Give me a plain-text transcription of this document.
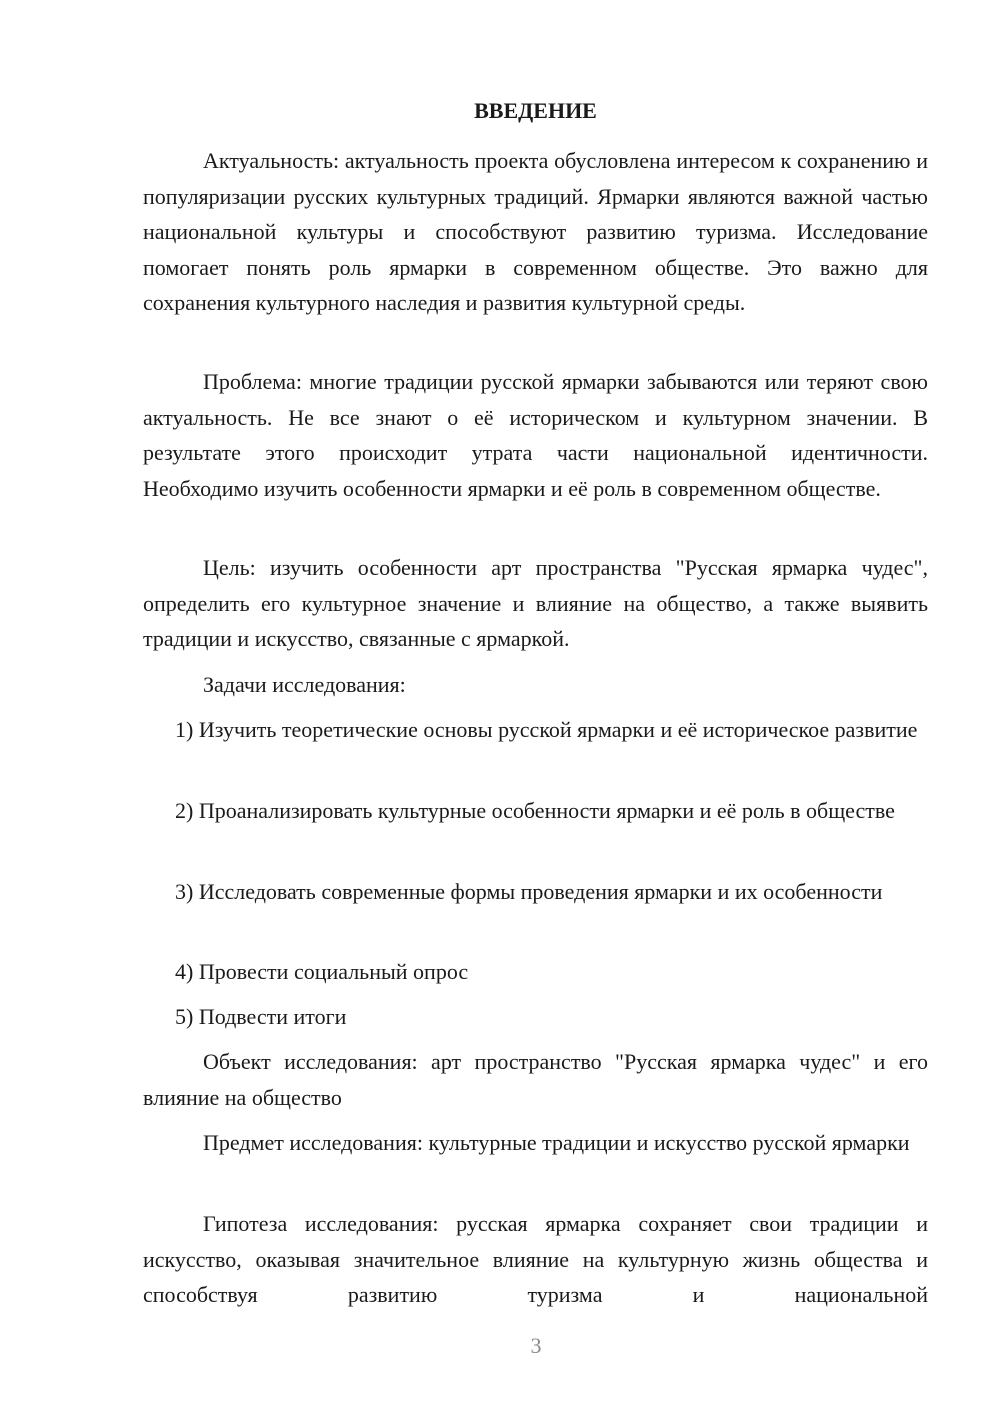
ВВЕДЕНИЕ
Актуальность: актуальность проекта обусловлена интересом к сохранению и популяризации русских культурных традиций. Ярмарки являются важной частью национальной культуры и способствуют развитию туризма. Исследование помогает понять роль ярмарки в современном обществе. Это важно для сохранения культурного наследия и развития культурной среды.
Проблема: многие традиции русской ярмарки забываются или теряют свою актуальность. Не все знают о её историческом и культурном значении. В результате этого происходит утрата части национальной идентичности. Необходимо изучить особенности ярмарки и её роль в современном обществе.
Цель: изучить особенности арт пространства "Русская ярмарка чудес", определить его культурное значение и влияние на общество, а также выявить традиции и искусство, связанные с ярмаркой.
Задачи исследования:
1) Изучить теоретические основы русской ярмарки и её историческое развитие
2) Проанализировать культурные особенности ярмарки и её роль в обществе
3) Исследовать современные формы проведения ярмарки и их особенности
4) Провести социальный опрос
5) Подвести итоги
Объект исследования: арт пространство "Русская ярмарка чудес" и его влияние на общество
Предмет исследования: культурные традиции и искусство русской ярмарки
Гипотеза исследования: русская ярмарка сохраняет свои традиции и искусство, оказывая значительное влияние на культурную жизнь общества и способствуя развитию туризма и национальной
3
